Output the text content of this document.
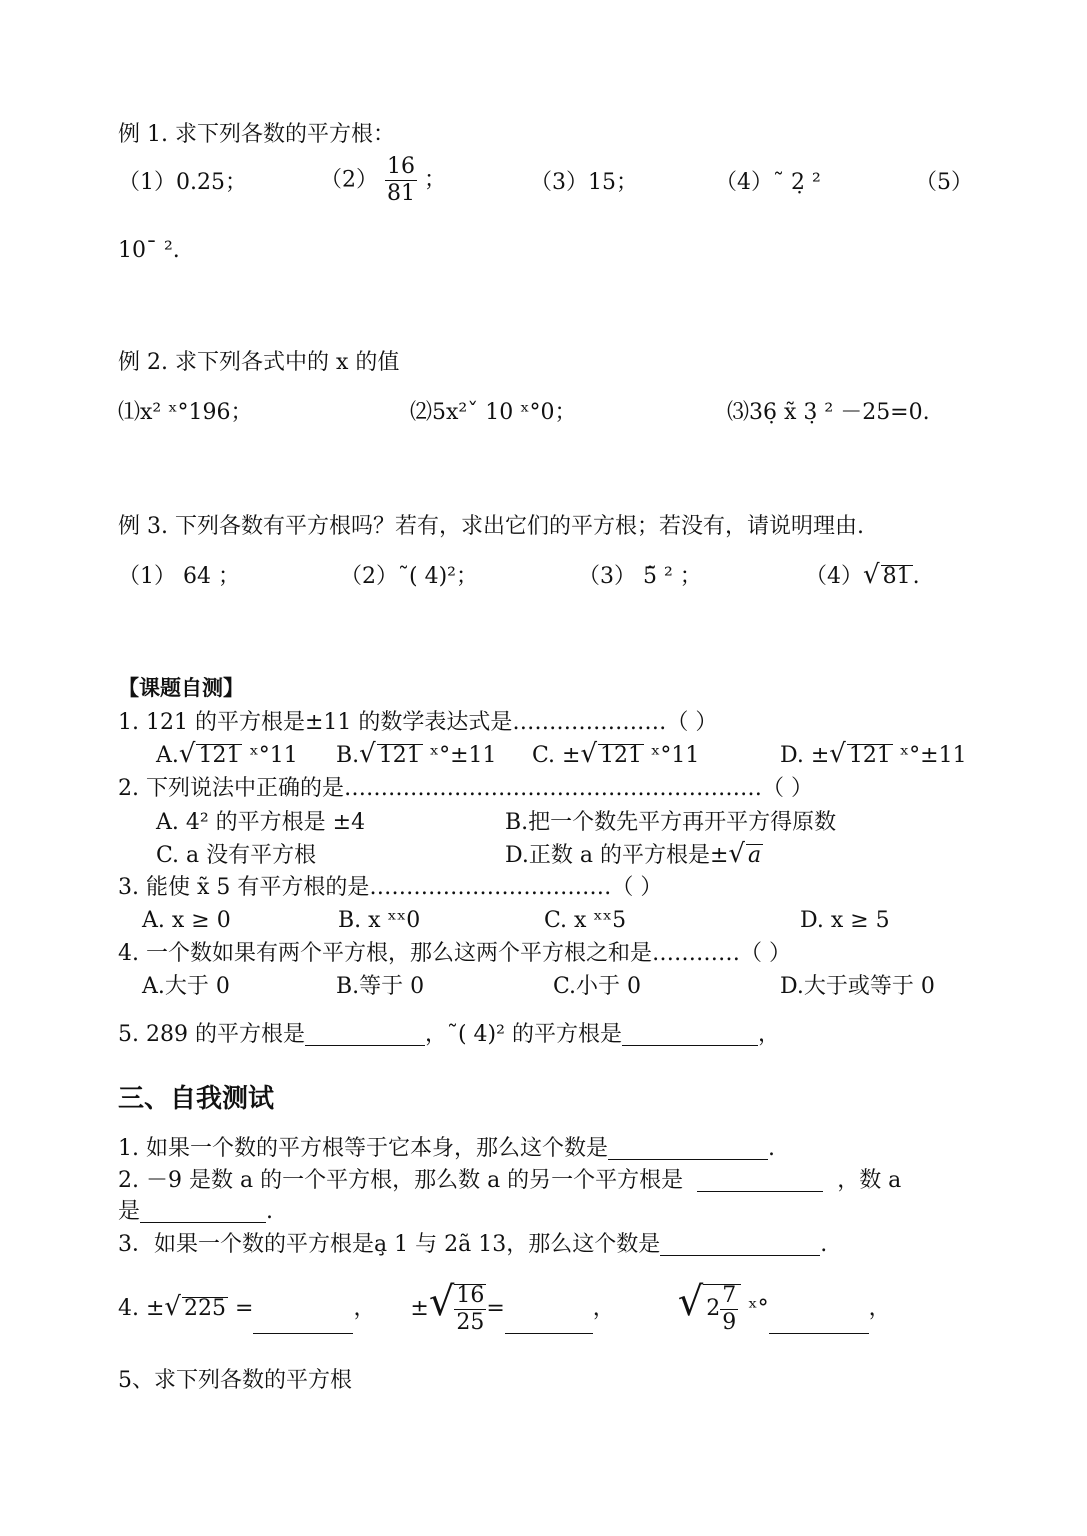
例 1. 求下列各数的平方根：
（1）0.25；	$(2) \frac{16}{81}$ ；	（3）15；	（4）˜ 2̣ ²	（5）
10ˉ ².
例 2. 求下列各式中的 x 的值
⑴x² ˣ°196；	⑵5x²ˇ 10 ˣ°0；	⑶36̣ x̃ 3̣ ² －25=0.
例 3. 下列各数有平方根吗？若有，求出它们的平方根；若没有，请说明理由.
（1） 64 ；	（2）˜( 4)²；	（3） 5̃ ² ；	（4）√ 81.
【课题自测】
1. 121 的平方根是±11 的数学表达式是…………………（ ）
A.√ 121 ˣ°11 B.√ 121 ˣ°±11 C. ±√ 121 ˣ°11	D. ±√ 121 ˣ°±11
2. 下列说法中正确的是…………………………………………………（ ）
A. 4² 的平方根是 ±4	B.把一个数先平方再开平方得原数
C. a 没有平方根	D.正数 a 的平方根是±√ a
3. 能使 x̃ 5 有平方根的是……………………………（ ）
A. x ≥ 0	B. x ˣˣ0	C. x ˣˣ5	D. x ≥ 5
4. 一个数如果有两个平方根，那么这两个平方根之和是…………（ ）
A.大于 0	B.等于 0	C.小于 0	D.大于或等于 0
5. 289 的平方根是	，˜( 4)² 的平方根是	，
三、自我测试
1. 如果一个数的平方根等于它本身，那么这个数是	.
2. －9 是数 a 的一个平方根，那么数 a 的另一个平方根是	，数 a
是	.
3．如果一个数的平方根是a̧ 1 与 2ã 13，那么这个数是	.
4. ±√ 225 =	， ±√ $\frac{16}{25}$ =	， √ $2 \frac{7}{9}$ ˣ°	，
5、求下列各数的平方根
